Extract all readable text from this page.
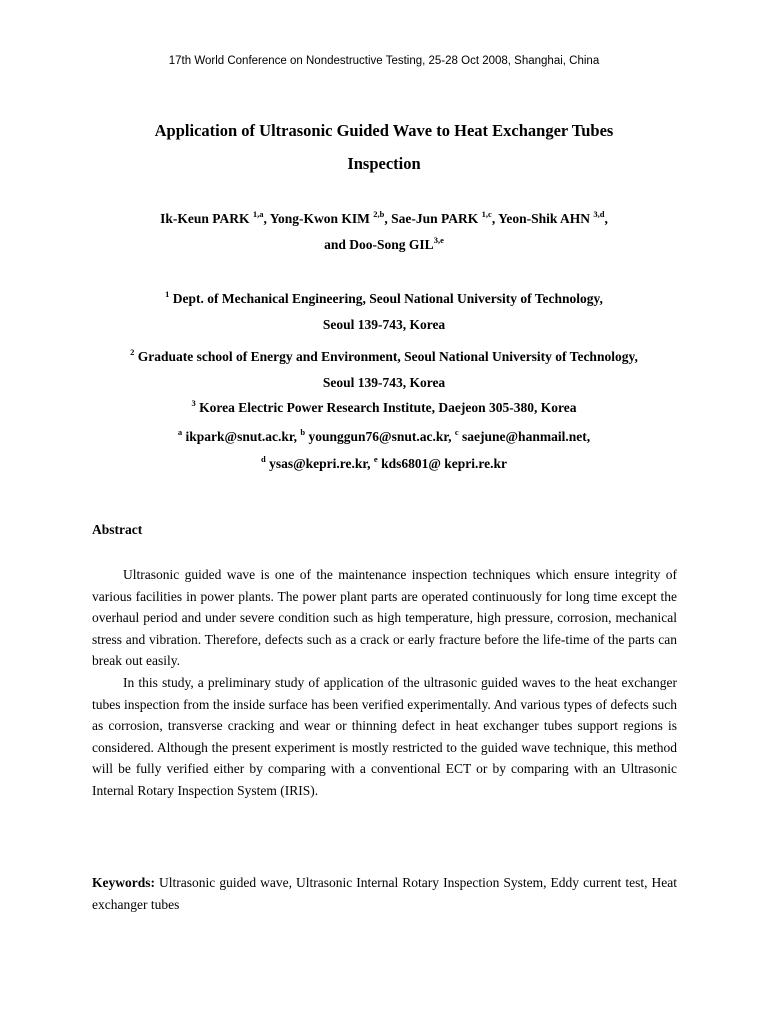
17th World Conference on Nondestructive Testing, 25-28 Oct 2008, Shanghai, China
Application of Ultrasonic Guided Wave to Heat Exchanger Tubes
Inspection
Ik-Keun PARK $^{1,a}$, Yong-Kwon KIM $^{2,b}$, Sae-Jun PARK $^{1,c}$, Yeon-Shik AHN $^{3,d}$,
and Doo-Song GIL$^{3,e}$
$^1$ Dept. of Mechanical Engineering, Seoul National University of Technology,
Seoul 139-743, Korea
$^2$ Graduate school of Energy and Environment, Seoul National University of Technology,
Seoul 139-743, Korea
$^3$ Korea Electric Power Research Institute, Daejeon 305-380, Korea
$^a$ ikpark@snut.ac.kr, $^b$ younggun76@snut.ac.kr, $^c$ saejune@hanmail.net,
$^d$ ysas@kepri.re.kr, $^e$ kds6801@ kepri.re.kr
Abstract

Ultrasonic guided wave is one of the maintenance inspection techniques which ensure integrity of various facilities in power plants. The power plant parts are operated continuously for long time except the overhaul period and under severe condition such as high temperature, high pressure, corrosion, mechanical stress and vibration. Therefore, defects such as a crack or early fracture before the life-time of the parts can break out easily.

In this study, a preliminary study of application of the ultrasonic guided waves to the heat exchanger tubes inspection from the inside surface has been verified experimentally. And various types of defects such as corrosion, transverse cracking and wear or thinning defect in heat exchanger tubes support regions is considered. Although the present experiment is mostly restricted to the guided wave technique, this method will be fully verified either by comparing with a conventional ECT or by comparing with an Ultrasonic Internal Rotary Inspection System (IRIS).

Keywords: Ultrasonic guided wave, Ultrasonic Internal Rotary Inspection System, Eddy current test, Heat exchanger tubes
